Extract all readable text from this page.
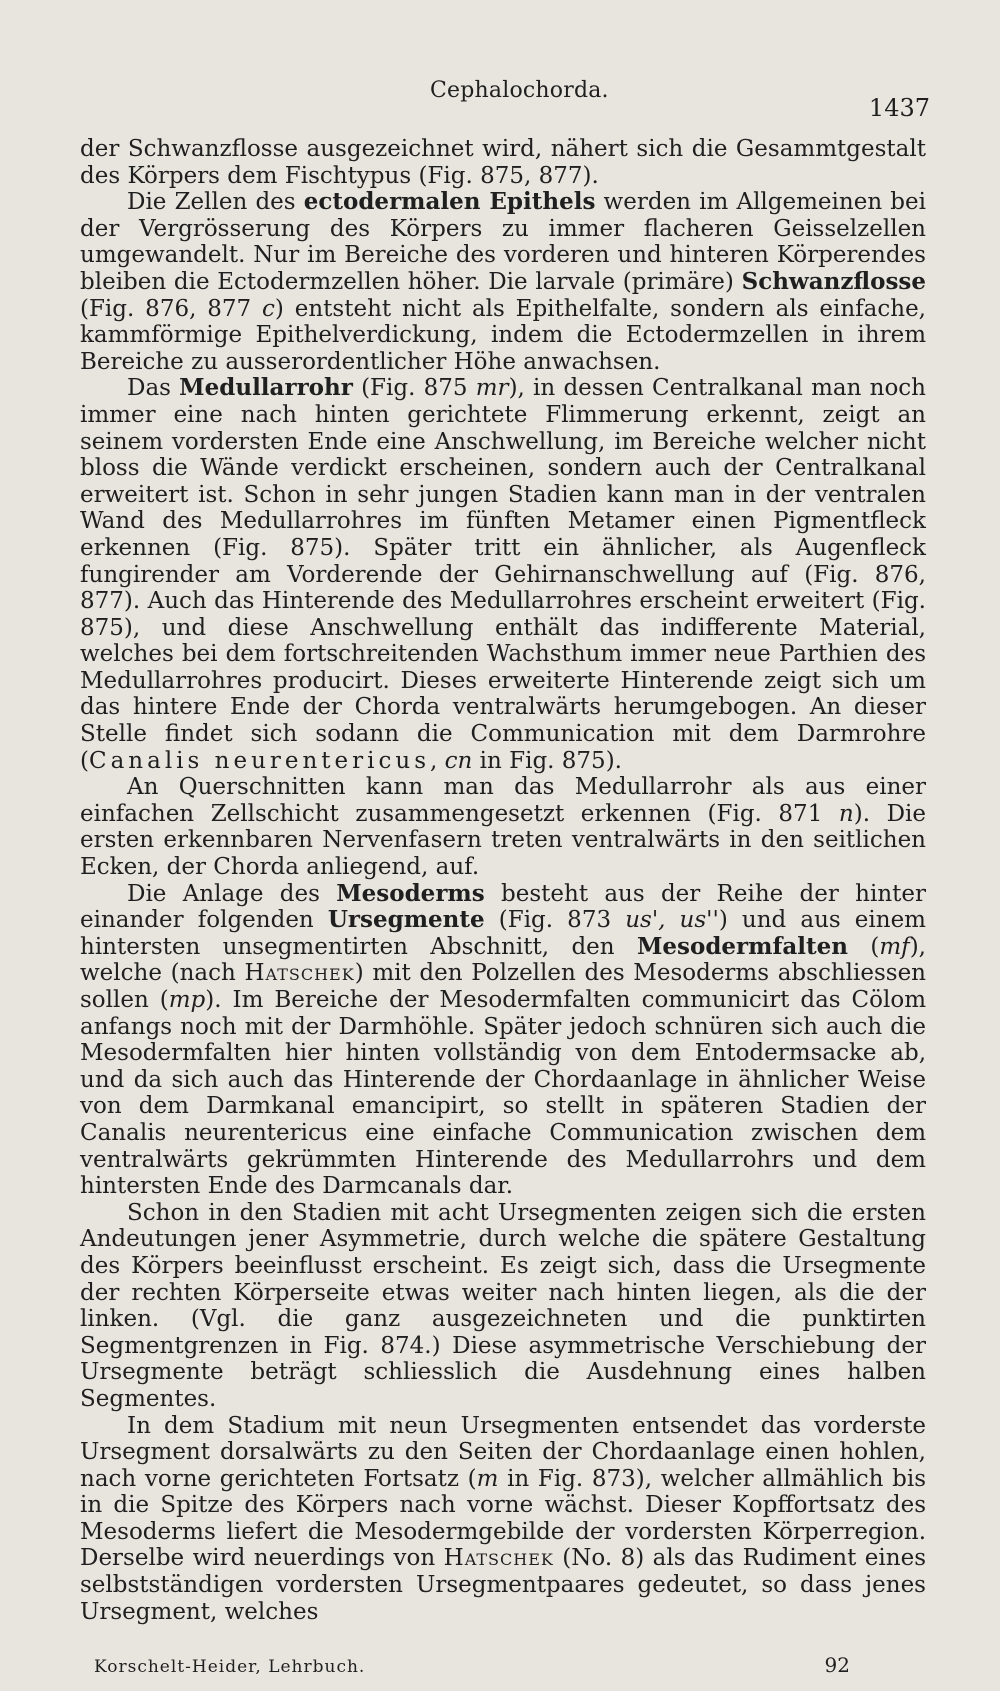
Cephalochorda.
1437

der Schwanzflosse ausgezeichnet wird, nähert sich die Gesammtgestalt des Körpers dem Fischtypus (Fig. 875, 877).

Die Zellen des ectodermalen Epithels werden im Allgemeinen bei der Vergrösserung des Körpers zu immer flacheren Geisselzellen umgewandelt. Nur im Bereiche des vorderen und hinteren Körperendes bleiben die Ectodermzellen höher. Die larvale (primäre) Schwanzflosse (Fig. 876, 877 c) entsteht nicht als Epithelfalte, sondern als einfache, kammförmige Epithelverdickung, indem die Ectodermzellen in ihrem Bereiche zu ausserordentlicher Höhe anwachsen.

Das Medullarrohr (Fig. 875 mr), in dessen Centralkanal man noch immer eine nach hinten gerichtete Flimmerung erkennt, zeigt an seinem vordersten Ende eine Anschwellung, im Bereiche welcher nicht bloss die Wände verdickt erscheinen, sondern auch der Centralkanal erweitert ist. Schon in sehr jungen Stadien kann man in der ventralen Wand des Medullarrohres im fünften Metamer einen Pigmentfleck erkennen (Fig. 875). Später tritt ein ähnlicher, als Augenfleck fungirender am Vorderende der Gehirnanschwellung auf (Fig. 876, 877). Auch das Hinterende des Medullarrohres erscheint erweitert (Fig. 875), und diese Anschwellung enthält das indifferente Material, welches bei dem fortschreitenden Wachsthum immer neue Parthien des Medullarrohres producirt. Dieses erweiterte Hinterende zeigt sich um das hintere Ende der Chorda ventralwärts herumgebogen. An dieser Stelle findet sich sodann die Communication mit dem Darmrohre (Canalis neurentericus, cn in Fig. 875).

An Querschnitten kann man das Medullarrohr als aus einer einfachen Zellschicht zusammengesetzt erkennen (Fig. 871 n). Die ersten erkennbaren Nervenfasern treten ventralwärts in den seitlichen Ecken, der Chorda anliegend, auf.

Die Anlage des Mesoderms besteht aus der Reihe der hinter einander folgenden Ursegmente (Fig. 873 us', us'') und aus einem hintersten unsegmentirten Abschnitt, den Mesodermfalten (mf), welche (nach Hatschek) mit den Polzellen des Mesoderms abschliessen sollen (mp). Im Bereiche der Mesodermfalten communicirt das Cölom anfangs noch mit der Darmhöhle. Später jedoch schnüren sich auch die Mesodermfalten hier hinten vollständig von dem Entodermsacke ab, und da sich auch das Hinterende der Chordaanlage in ähnlicher Weise von dem Darmkanal emancipirt, so stellt in späteren Stadien der Canalis neurentericus eine einfache Communication zwischen dem ventralwärts gekrümmten Hinterende des Medullarrohrs und dem hintersten Ende des Darmcanals dar.

Schon in den Stadien mit acht Ursegmenten zeigen sich die ersten Andeutungen jener Asymmetrie, durch welche die spätere Gestaltung des Körpers beeinflusst erscheint. Es zeigt sich, dass die Ursegmente der rechten Körperseite etwas weiter nach hinten liegen, als die der linken. (Vgl. die ganz ausgezeichneten und die punktirten Segmentgrenzen in Fig. 874.) Diese asymmetrische Verschiebung der Ursegmente beträgt schliesslich die Ausdehnung eines halben Segmentes.

In dem Stadium mit neun Ursegmenten entsendet das vorderste Ursegment dorsalwärts zu den Seiten der Chordaanlage einen hohlen, nach vorne gerichteten Fortsatz (m in Fig. 873), welcher allmählich bis in die Spitze des Körpers nach vorne wächst. Dieser Kopffortsatz des Mesoderms liefert die Mesodermgebilde der vordersten Körperregion. Derselbe wird neuerdings von Hatschek (No. 8) als das Rudiment eines selbstständigen vordersten Ursegmentpaares gedeutet, so dass jenes Ursegment, welches

Korschelt-Heider, Lehrbuch.	92
